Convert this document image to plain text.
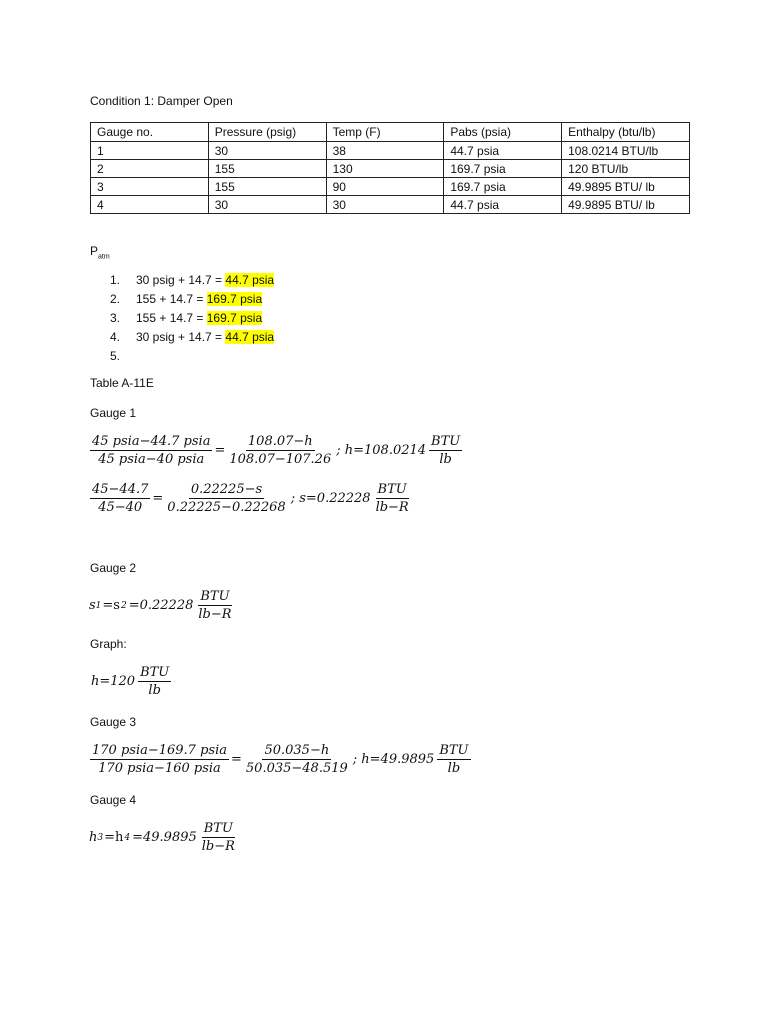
Condition 1: Damper Open
Gauge no.	Pressure (psig)	Temp (F)	Pabs (psia)	Enthalpy (btu/lb)
1	30	38	44.7 psia	108.0214 BTU/lb
2	155	130	169.7 psia	120 BTU/lb
3	155	90	169.7 psia	49.9895 BTU/ lb
4	30	30	44.7 psia	49.9895 BTU/ lb
$P_{atm}$
1. 30 psig + 14.7 = 44.7 psia
2. 155 + 14.7 = 169.7 psia
3. 155 + 14.7 = 169.7 psia
4. 30 psig + 14.7 = 44.7 psia
5.
Table A-11E
Gauge 1
$\frac{\text{45 psia−44.7 psia}}{\text{45 psia−40 psia}} = \frac{108.07-h}{108.07-107.26}$ ; $h=108.0214 \frac{\text{BTU}}{lb}$
$\frac{45-44.7}{45-40} = \frac{0.22225-s}{0.22225-0.22268}$ ; $s=0.22228 \frac{\text{BTU}}{lb-R}$
Gauge 2
s 1 =s $2 =0.22228 \frac{\text{BTU}}{lb-R}$
Graph:
$h=120 \frac{\text{BTU}}{lb}$
Gauge 3
$\frac{\text{170 psia−169.7 psia}}{\text{170 psia−160 psia}} = \frac{50.035-h}{50.035-48.519}$ ; $h=49.9895 \frac{\text{BTU}}{lb}$
Gauge 4
h 3 =h $4 =49.9895 \frac{\text{BTU}}{lb-R}$
